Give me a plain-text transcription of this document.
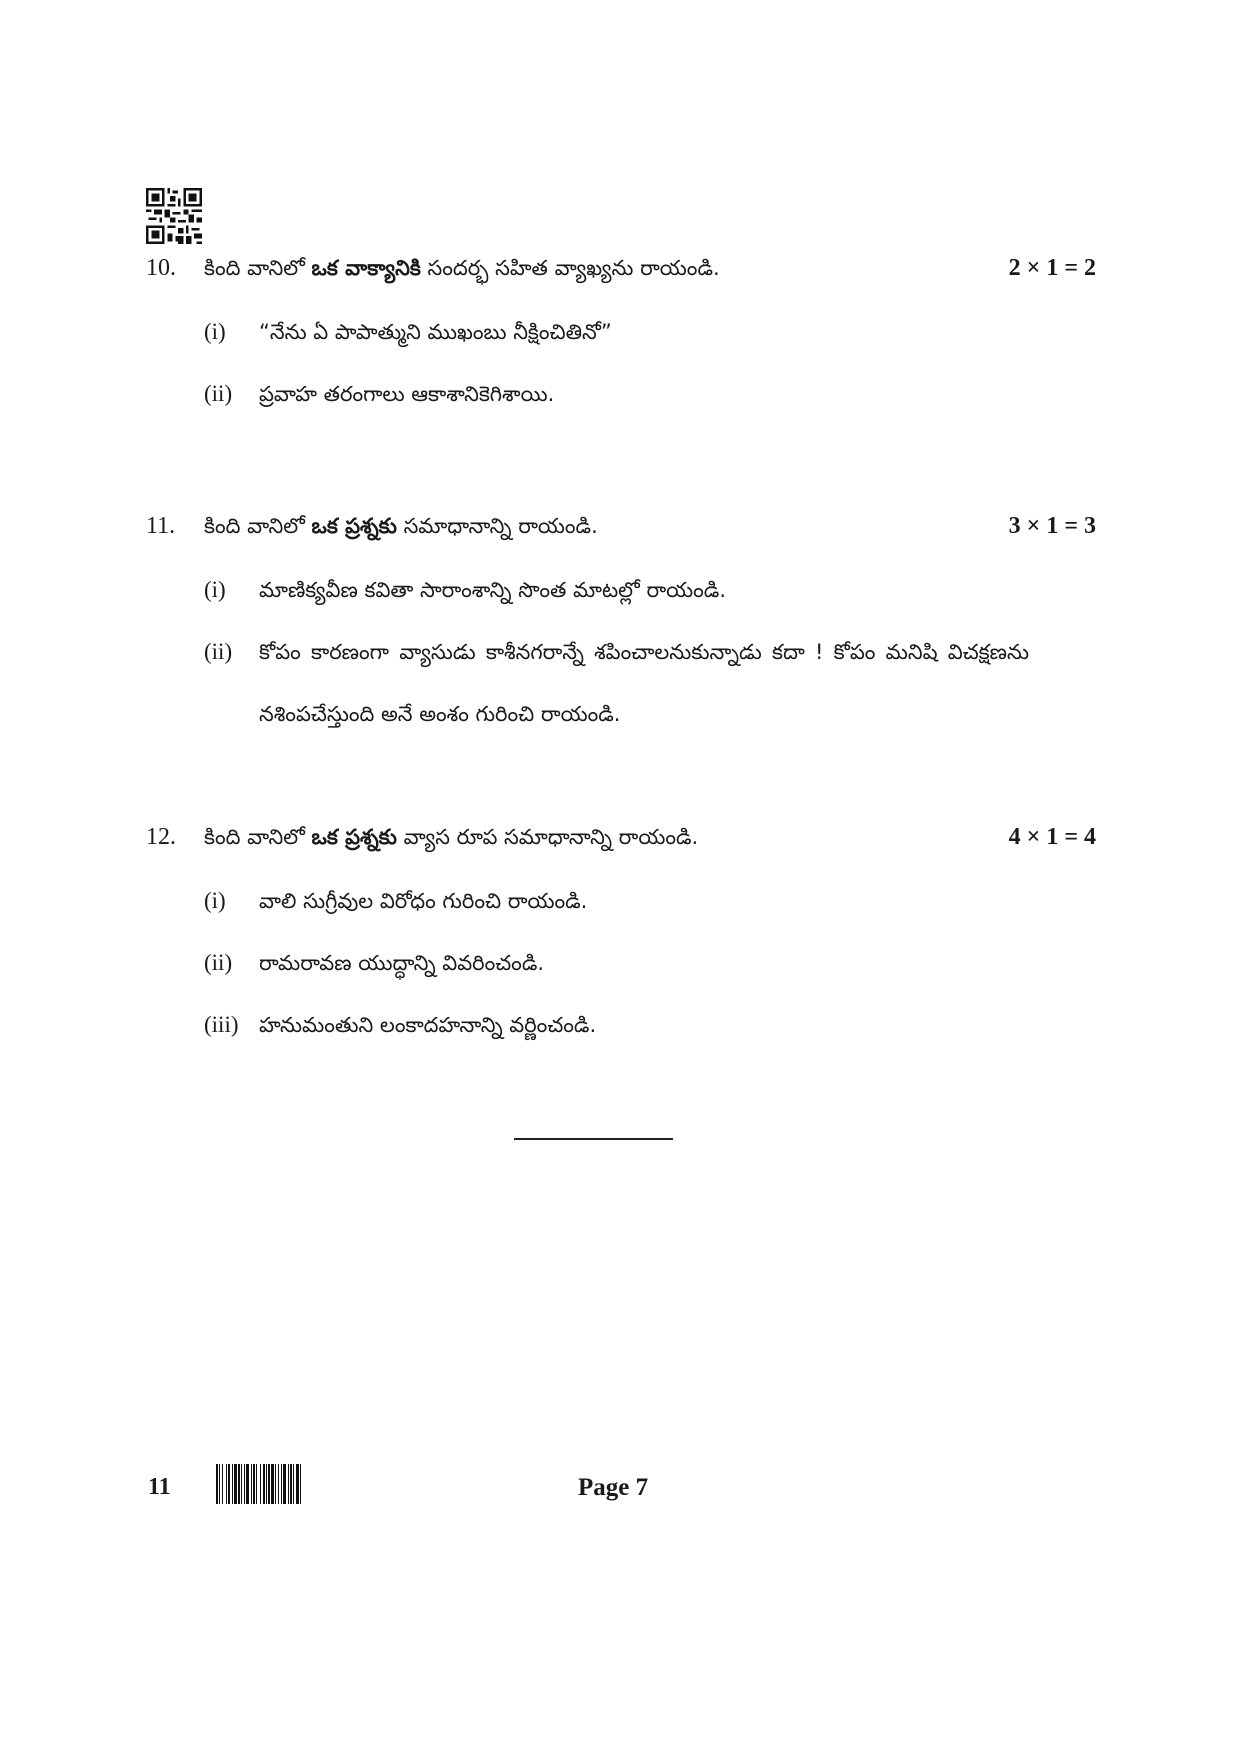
10. కింది వానిలో ఒక వాక్యానికి సందర్భ సహిత వ్యాఖ్యను రాయండి.	2 × 1 = 2
(i) “నేను ఏ పాపాత్ముని ముఖంబు నీక్షించితినో”
(ii) ప్రవాహ తరంగాలు ఆకాశానికెగిశాయి.
11. కింది వానిలో ఒక ప్రశ్నకు సమాధానాన్ని రాయండి.	3 × 1 = 3
(i) మాణిక్యవీణ కవితా సారాంశాన్ని సొంత మాటల్లో రాయండి.
(ii) కోపం కారణంగా వ్యాసుడు కాశీనగరాన్నే శపించాలనుకున్నాడు కదా ! కోపం మనిషి విచక్షణను నశింపచేస్తుంది అనే అంశం గురించి రాయండి.
12. కింది వానిలో ఒక ప్రశ్నకు వ్యాస రూప సమాధానాన్ని రాయండి.	4 × 1 = 4
(i) వాలి సుగ్రీవుల విరోధం గురించి రాయండి.
(ii) రామరావణ యుద్ధాన్ని వివరించండి.
(iii) హనుమంతుని లంకాదహనాన్ని వర్ణించండి.
11	Page 7
